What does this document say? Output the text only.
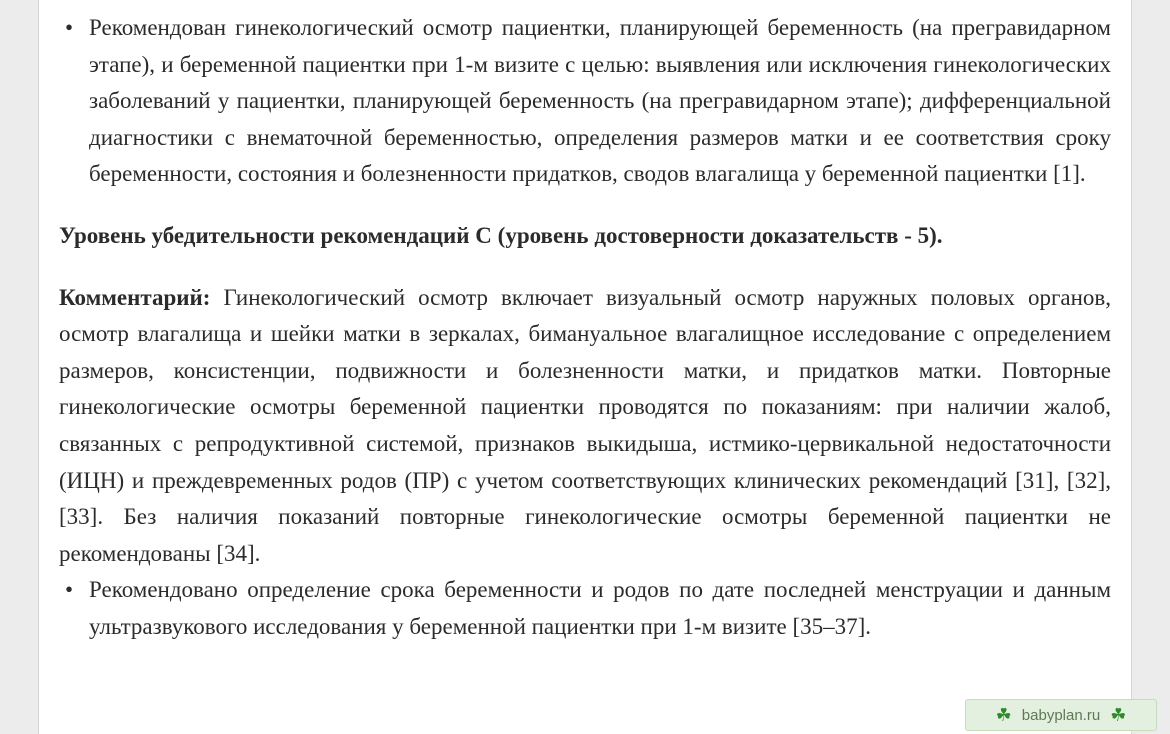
• Рекомендован гинекологический осмотр пациентки, планирующей беременность (на прегравидарном этапе), и беременной пациентки при 1-м визите с целью: выявления или исключения гинекологических заболеваний у пациентки, планирующей беременность (на прегравидарном этапе); дифференциальной диагностики с внематочной беременностью, определения размеров матки и ее соответствия сроку беременности, состояния и болезненности придатков, сводов влагалища у беременной пациентки [1].

Уровень убедительности рекомендаций C (уровень достоверности доказательств - 5).

Комментарий: Гинекологический осмотр включает визуальный осмотр наружных половых органов, осмотр влагалища и шейки матки в зеркалах, бимануальное влагалищное исследование с определением размеров, консистенции, подвижности и болезненности матки, и придатков матки. Повторные гинекологические осмотры беременной пациентки проводятся по показаниям: при наличии жалоб, связанных с репродуктивной системой, признаков выкидыша, истмико-цервикальной недостаточности (ИЦН) и преждевременных родов (ПР) с учетом соответствующих клинических рекомендаций [31], [32], [33]. Без наличия показаний повторные гинекологические осмотры беременной пациентки не рекомендованы [34].

• Рекомендовано определение срока беременности и родов по дате последней менструации и данным ультразвукового исследования у беременной пациентки при 1-м визите [35–37].
☘ babyplan.ru ☘
